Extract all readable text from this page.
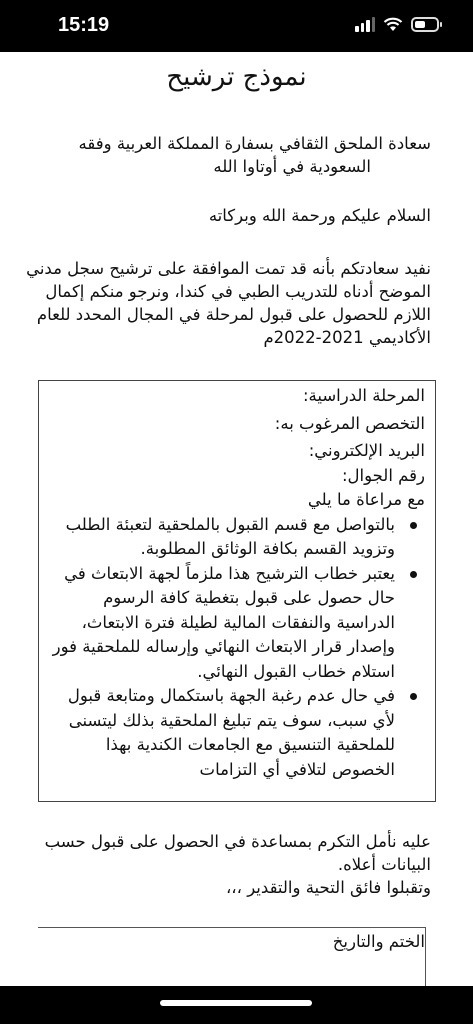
15:19
نموذج ترشيح

سعادة الملحق الثقافي بسفارة المملكة العربية وفقه
السعودية في أوتاوا الله

السلام عليكم ورحمة الله وبركاته

نفيد سعادتكم بأنه قد تمت الموافقة على ترشيح سجل مدني الموضح أدناه للتدريب الطبي في كندا، ونرجو منكم إكمال اللازم للحصول على قبول لمرحلة في المجال المحدد للعام الأكاديمي 2021-2022م

المرحلة الدراسية:
التخصص المرغوب به:
البريد الإلكتروني:
رقم الجوال:
مع مراعاة ما يلي
بالتواصل مع قسم القبول بالملحقية لتعبئة الطلب وتزويد القسم بكافة الوثائق المطلوبة.
يعتبر خطاب الترشيح هذا ملزماً لجهة الابتعاث في حال حصول على قبول بتغطية كافة الرسوم الدراسية والنفقات المالية لطيلة فترة الابتعاث، وإصدار قرار الابتعاث النهائي وإرساله للملحقية فور استلام خطاب القبول النهائي.
في حال عدم رغبة الجهة باستكمال ومتابعة قبول لأي سبب، سوف يتم تبليغ الملحقية بذلك ليتسنى للملحقية التنسيق مع الجامعات الكندية بهذا الخصوص لتلافي أي التزامات

عليه نأمل التكرم بمساعدة في الحصول على قبول حسب البيانات أعلاه.
وتقبلوا فائق التحية والتقدير ،،،

الختم والتاريخ
